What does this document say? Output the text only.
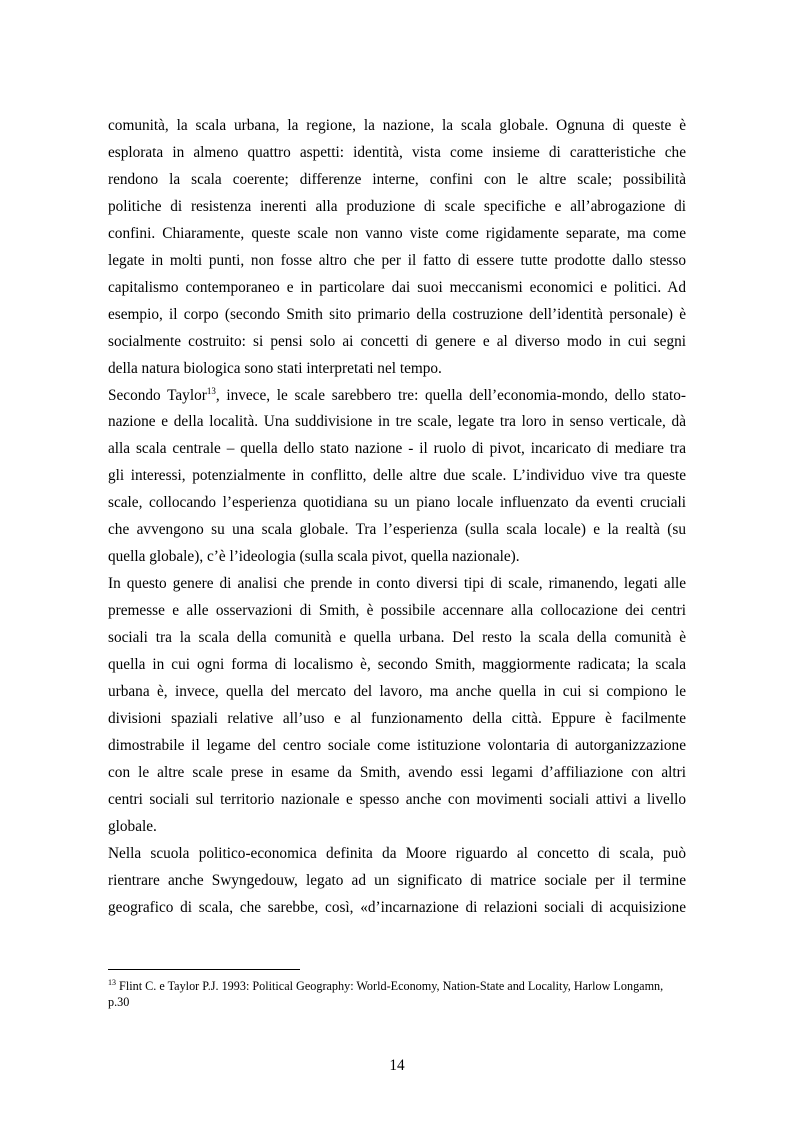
comunità, la scala urbana, la regione, la nazione, la scala globale. Ognuna di queste è
esplorata in almeno quattro aspetti: identità, vista come insieme di caratteristiche che
rendono la scala coerente; differenze interne, confini con le altre scale; possibilità
politiche di resistenza inerenti alla produzione di scale specifiche e all’abrogazione di
confini. Chiaramente, queste scale non vanno viste come rigidamente separate, ma come
legate in molti punti, non fosse altro che per il fatto di essere tutte prodotte dallo stesso
capitalismo contemporaneo e in particolare dai suoi meccanismi economici e politici. Ad
esempio, il corpo (secondo Smith sito primario della costruzione dell’identità personale) è
socialmente costruito: si pensi solo ai concetti di genere e al diverso modo in cui segni
della natura biologica sono stati interpretati nel tempo.
Secondo Taylor$^{13}$, invece, le scale sarebbero tre: quella dell’economia-mondo, dello stato-
nazione e della località. Una suddivisione in tre scale, legate tra loro in senso verticale, dà
alla scala centrale – quella dello stato nazione - il ruolo di pivot, incaricato di mediare tra
gli interessi, potenzialmente in conflitto, delle altre due scale. L’individuo vive tra queste
scale, collocando l’esperienza quotidiana su un piano locale influenzato da eventi cruciali
che avvengono su una scala globale. Tra l’esperienza (sulla scala locale) e la realtà (su
quella globale), c’è l’ideologia (sulla scala pivot, quella nazionale).
In questo genere di analisi che prende in conto diversi tipi di scale, rimanendo, legati alle
premesse e alle osservazioni di Smith, è possibile accennare alla collocazione dei centri
sociali tra la scala della comunità e quella urbana. Del resto la scala della comunità è
quella in cui ogni forma di localismo è, secondo Smith, maggiormente radicata; la scala
urbana è, invece, quella del mercato del lavoro, ma anche quella in cui si compiono le
divisioni spaziali relative all’uso e al funzionamento della città. Eppure è facilmente
dimostrabile il legame del centro sociale come istituzione volontaria di autorganizzazione
con le altre scale prese in esame da Smith, avendo essi legami d’affiliazione con altri
centri sociali sul territorio nazionale e spesso anche con movimenti sociali attivi a livello
globale.
Nella scuola politico-economica definita da Moore riguardo al concetto di scala, può
rientrare anche Swyngedouw, legato ad un significato di matrice sociale per il termine
geografico di scala, che sarebbe, così, «d’incarnazione di relazioni sociali di acquisizione
$^{13}$ Flint C. e Taylor P.J. 1993: Political Geography: World-Economy, Nation-State and Locality, Harlow Longamn, p.30
14
